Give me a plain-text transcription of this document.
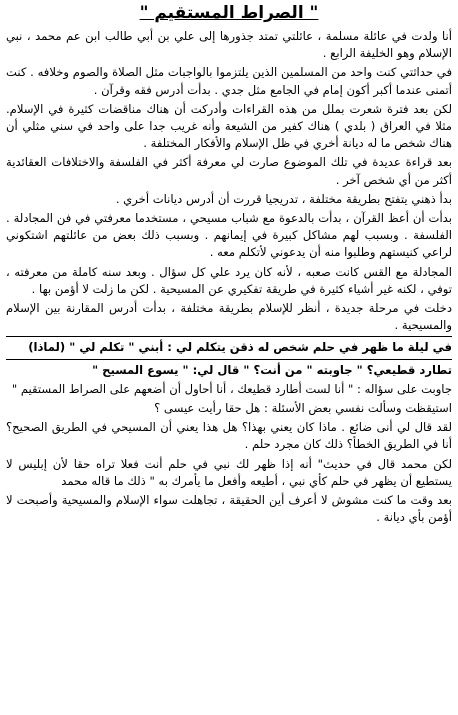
" الصراط المستقيم "

أنا ولدت في عائلة مسلمة ، عائلتي تمتد جذورها إلى علي بن أبي طالب ابن عم محمد ، نبي الإسلام وهو الخليفة الرابع .

في حداثتي كنت واحد من المسلمين الذين يلتزموا بالواجبات مثل الصلاة والصوم وخلافه . كنت أتمنى عندما أكبر أكون إمام في الجامع مثل جدي . بدأت أدرس فقه وقرآن .

لكن بعد فترة شعرت بملل من هذه القراءات وأدركت أن هناك مناقضات كثيرة في الإسلام. مثلا في العراق ( بلدي ) هناك كفير من الشيعة وأنه غريب جدا على واحد في سني مثلي أن هناك شخص ما له ديانة أخري في ظل الإسلام والأفكار المختلفة .

بعد قراءة عديدة في تلك الموضوع صارت لي معرفة أكثر في الفلسفة والاختلافات العقائدية أكثر من أي شخص آخر .

بدأ ذهني يتفتح بطريقة مختلفة ، تدريجيا قررت أن أدرس ديانات أخري .

بدأت أن أعظ القرآن ، بدأت بالدعوة مع شباب مسيحي ، مستخدما معرفتي في فن المجادلة . الفلسفة . وبسبب لهم مشاكل كبيرة في إيمانهم . وبسبب ذلك بعض من عائلتهم اشتكوني لراعي كنيستهم وطلبوا منه أن يدعوني لأتكلم معه .

المجادلة مع القس كانت صعبه ، لأنه كان يرد علي كل سؤال . وبعد سنه كاملة من معرفته ، توفي ، لكنه غير أشياء كثيرة في طريقة تفكيري عن المسيحية . لكن ما زلت لا أؤمن بها .

دخلت في مرحلة جديدة ، أنظر للإسلام بطريقة مختلفة ، بدأت أدرس المقارنة بين الإسلام والمسيحية .

في ليلة ما ظهر في حلم شخص له ذقن يتكلم لي : أبني " تكلم لي " (لماذا)

تطارد قطيعي؟ " جاوبته " من أنت؟ " قال لي: " يسوع المسيح "

جاوبت على سؤاله : " أنا لست أطارد قطيعك ، أنا أحاول أن أضعهم على الصراط المستقيم "

استيقظت وسألت نفسي بعض الأسئلة : هل حقا رأيت عيسى ؟

لقد قال لي أنى ضائع . ماذا كان يعني بهذا؟ هل هذا يعني أن المسيحي في الطريق الصحيح؟ أنا في الطريق الخطأ؟ ذلك كان مجرد حلم .

لكن محمد قال في حديث" أنه إذا ظهر لك نبي في حلم أنت فعلا تراه حقا لأن إبليس لا يستطيع أن يظهر في حلم كأي نبي ، أطيعه وأفعل ما يأمرك به " ذلك ما قاله محمد

بعد وقت ما كنت مشوش لا أعرف أين الحقيقة ، تجاهلت سواء الإسلام والمسيحية وأصبحت لا أؤمن بأي ديانة .
